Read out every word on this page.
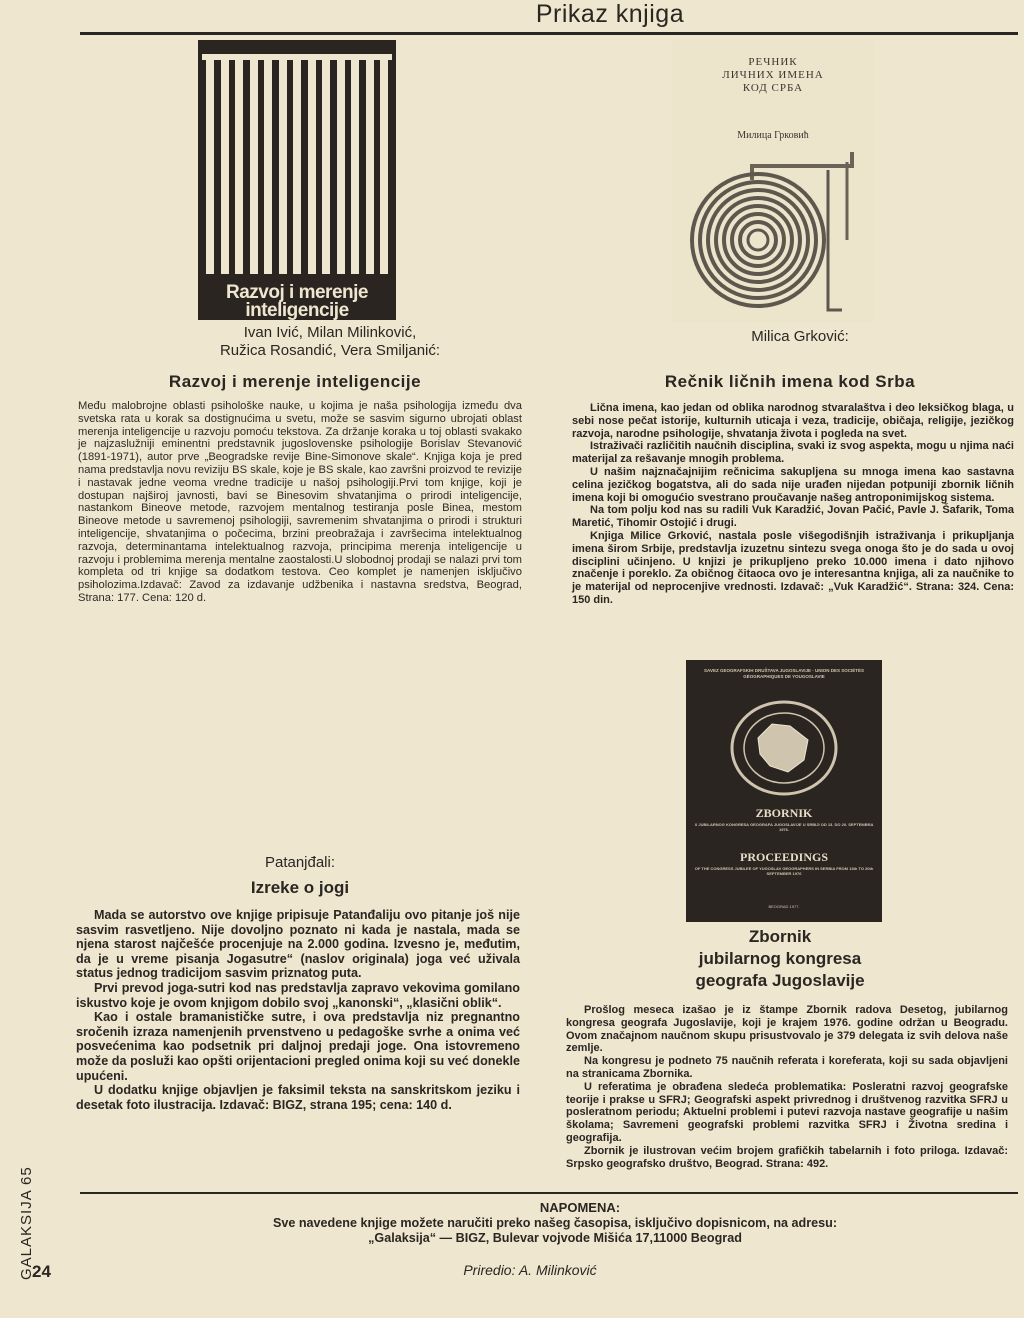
Prikaz knjiga
Razvoj i merenje
inteligencije
РЕЧНИК
ЛИЧНИХ ИМЕНА
КОД СРБА
Милица Грковић
Ivan Ivić, Milan Milinković,
Ružica Rosandić, Vera Smiljanić:
Razvoj i merenje inteligencije

Među malobrojne oblasti psihološke nauke, u kojima je naša psihologija između dva svetska rata u korak sa dostignućima u svetu, može se sasvim sigurno ubrojati oblast merenja inteligencije u razvoju pomoću tekstova. Za držanje koraka u toj oblasti svakako je najzaslužniji eminentni predstavnik jugoslovenske psihologije Borislav Stevanović (1891-1971), autor prve „Beogradske revije Bine-Simonove skale“. Knjiga koja je pred nama predstavlja novu reviziju BS skale, koje je BS skale, kao završni proizvod te revizije i nastavak jedne veoma vredne tradicije u našoj psihologiji.Prvi tom knjige, koji je dostupan najširoj javnosti, bavi se Binesovim shvatanjima o prirodi inteligencije, nastankom Bineove metode, razvojem mentalnog testiranja posle Binea, mestom Bineove metode u savremenoj psihologiji, savremenim shvatanjima o prirodi i strukturi inteligencije, shvatanjima o počecima, brzini preobražaja i završecima intelektualnog razvoja, determinantama intelektualnog razvoja, principima merenja inteligencije u razvoju i problemima merenja mentalne zaostalosti.U slobodnoj prodaji se nalazi prvi tom kompleta od tri knjige sa dodatkom testova. Ceo komplet je namenjen isključivo psiholozima.Izdavač: Zavod za izdavanje udžbenika i nastavna sredstva, Beograd, Strana: 177. Cena: 120 d.

Milica Grković:
Rečnik ličnih imena kod Srba

Lična imena, kao jedan od oblika narodnog stvaralaštva i deo leksičkog blaga, u sebi nose pečat istorije, kulturnih uticaja i veza, tradicije, običaja, religije, jezičkog razvoja, narodne psihologije, shvatanja života i pogleda na svet.

Istraživači različitih naučnih disciplina, svaki iz svog aspekta, mogu u njima naći materijal za rešavanje mnogih problema.

U našim najznačajnijim rečnicima sakupljena su mnoga imena kao sastavna celina jezičkog bogatstva, ali do sada nije urađen nijedan potpuniji zbornik ličnih imena koji bi omogućio svestrano proučavanje našeg antroponimijskog sistema.

Na tom polju kod nas su radili Vuk Karadžić, Jovan Pačić, Pavle J. Šafarik, Toma Maretić, Tihomir Ostojić i drugi.

Knjiga Milice Grković, nastala posle višegodišnjih istraživanja i prikupljanja imena širom Srbije, predstavlja izuzetnu sintezu svega onoga što je do sada u ovoj disciplini učinjeno. U knjizi je prikupljeno preko 10.000 imena i dato njihovo značenje i poreklo. Za običnog čitaoca ovo je interesantna knjiga, ali za naučnike to je materijal od neprocenjive vrednosti. Izdavač: „Vuk Karadžić“. Strana: 324. Cena: 150 din.

SAVEZ GEOGRAFSKIH DRUŠTAVA JUGOSLAVIJE · UNION DES SOCIÉTÉS GÉOGRAPHIQUES DE YOUGOSLAVIE
ZBORNIK
X JUBILARNOG KONGRESA GEOGRAFA JUGOSLAVIJE U SRBIJI OD 13. DO 20. SEPTEMBRA 1976.
PROCEEDINGS
OF THE CONGRESS JUBILEE OF YUGOSLAV GEOGRAPHERS IN SERBIA FROM 13th TO 20th SEPTEMBER 1976
BEOGRAD 1977.
Patanjđali:
Izreke o jogi

Mada se autorstvo ove knjige pripisuje Patanđaliju ovo pitanje još nije sasvim rasvetljeno. Nije dovoljno poznato ni kada je nastala, mada se njena starost najčešće procenjuje na 2.000 godina. Izvesno je, međutim, da je u vreme pisanja Jogasutre“ (naslov originala) joga već uživala status jednog tradicijom sasvim priznatog puta.

Prvi prevod joga-sutri kod nas predstavlja zapravo vekovima gomilano iskustvo koje je ovom knjigom dobilo svoj „kanonski“, „klasični oblik“.

Kao i ostale bramanističke sutre, i ova predstavlja niz pregnantno sročenih izraza namenjenih prvenstveno u pedagoške svrhe a onima već posvećenima kao podsetnik pri daljnoj predaji joge. Ona istovremeno može da posluži kao opšti orijentacioni pregled onima koji su već donekle upućeni.

U dodatku knjige objavljen je faksimil teksta na sanskritskom jeziku i desetak foto ilustracija. Izdavač: BIGZ, strana 195; cena: 140 d.

Zbornik
jubilarnog kongresa
geografa Jugoslavije

Prošlog meseca izašao je iz štampe Zbornik radova Desetog, jubilarnog kongresa geografa Jugoslavije, koji je krajem 1976. godine održan u Beogradu. Ovom značajnom naučnom skupu prisustvovalo je 379 delegata iz svih delova naše zemlje.

Na kongresu je podneto 75 naučnih referata i koreferata, koji su sada objavljeni na stranicama Zbornika.

U referatima je obrađena sledeća problematika: Posleratni razvoj geografske teorije i prakse u SFRJ; Geografski aspekt privrednog i društvenog razvitka SFRJ u posleratnom periodu; Aktuelni problemi i putevi razvoja nastave geografije u našim školama; Savremeni geografski problemi razvitka SFRJ i Životna sredina i geografija.

Zbornik je ilustrovan većim brojem grafičkih tabelarnih i foto priloga. Izdavač: Srpsko geografsko društvo, Beograd. Strana: 492.

NAPOMENA:
Sve navedene knjige možete naručiti preko našeg časopisa, isključivo dopisnicom, na adresu:
„Galaksija“ — BIGZ, Bulevar vojvode Mišića 17,11000 Beograd
Priredio: A. Milinković
GALAKSIJA 65
24
